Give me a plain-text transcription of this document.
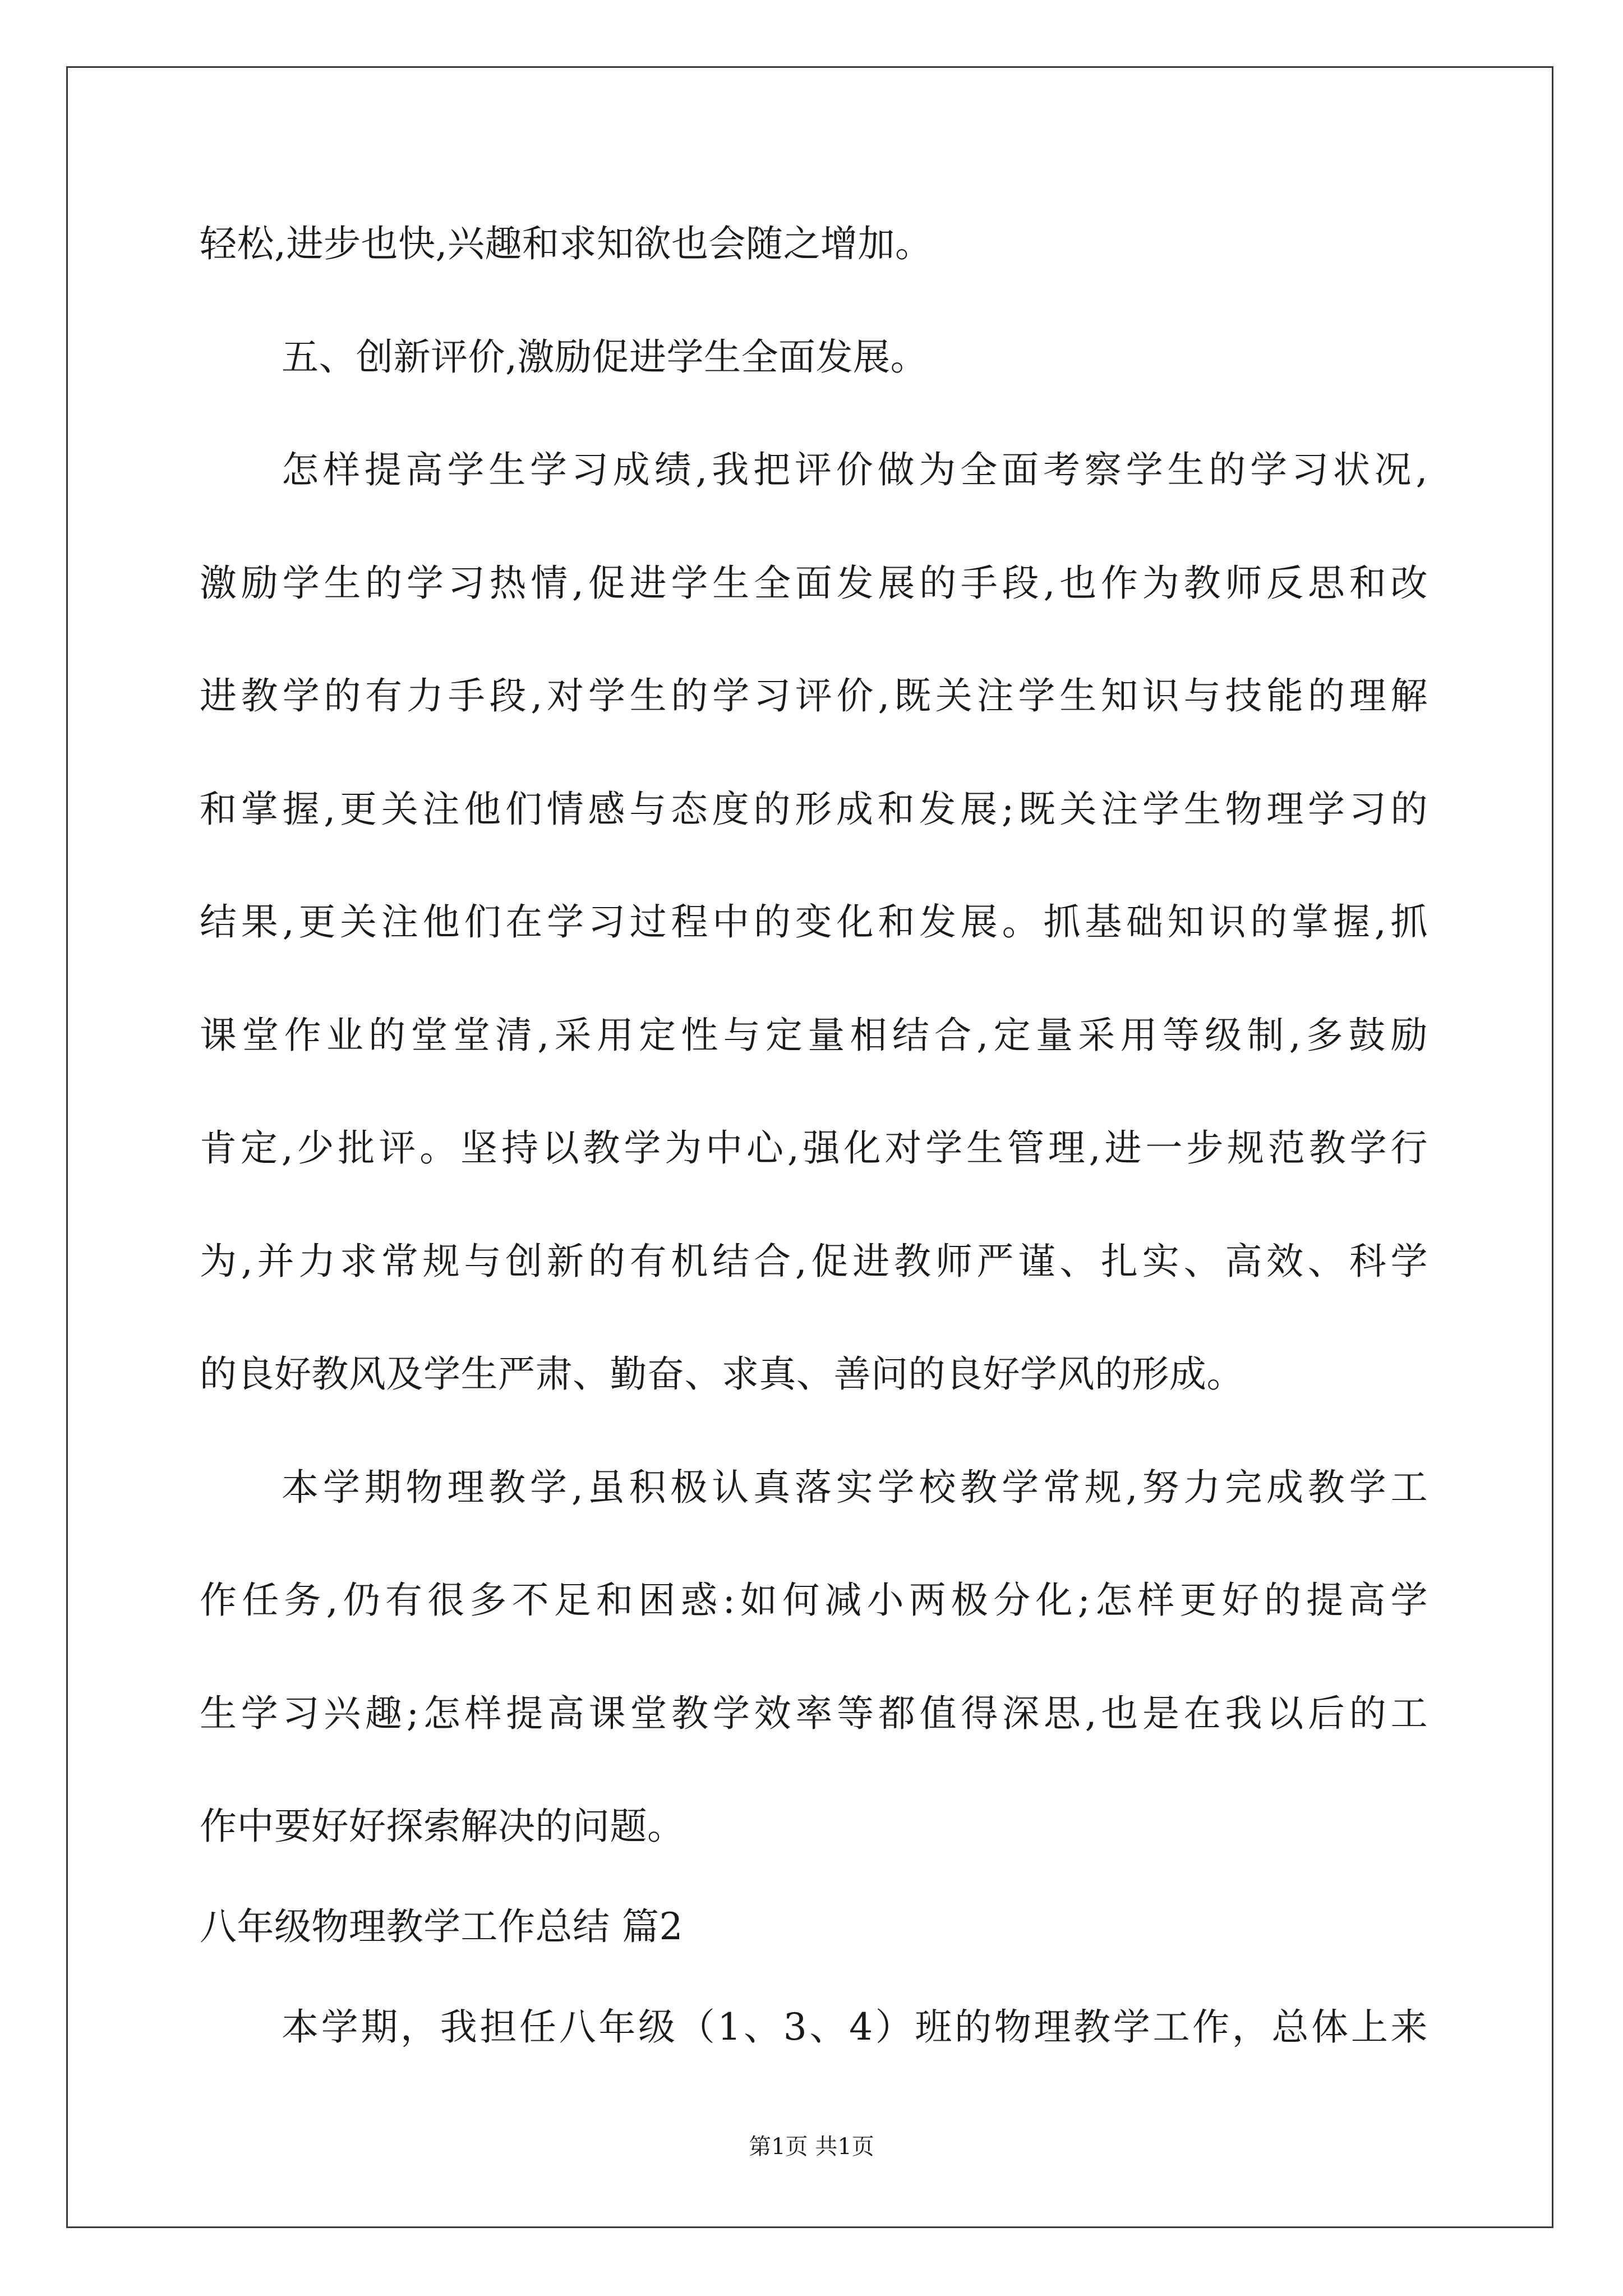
轻松,进步也快,兴趣和求知欲也会随之增加。
五、创新评价,激励促进学生全面发展。
怎样提高学生学习成绩,我把评价做为全面考察学生的学习状况,
激励学生的学习热情,促进学生全面发展的手段,也作为教师反思和改
进教学的有力手段,对学生的学习评价,既关注学生知识与技能的理解
和掌握,更关注他们情感与态度的形成和发展;既关注学生物理学习的
结果,更关注他们在学习过程中的变化和发展。抓基础知识的掌握,抓
课堂作业的堂堂清,采用定性与定量相结合,定量采用等级制,多鼓励
肯定,少批评。坚持以教学为中心,强化对学生管理,进一步规范教学行
为,并力求常规与创新的有机结合,促进教师严谨、扎实、高效、科学
的良好教风及学生严肃、勤奋、求真、善问的良好学风的形成。
本学期物理教学,虽积极认真落实学校教学常规,努力完成教学工
作任务,仍有很多不足和困惑:如何减小两极分化;怎样更好的提高学
生学习兴趣;怎样提高课堂教学效率等都值得深思,也是在我以后的工
作中要好好探索解决的问题。
八年级物理教学工作总结 篇2
本学期，我担任八年级（1、3、4）班的物理教学工作，总体上来
第1页 共1页
